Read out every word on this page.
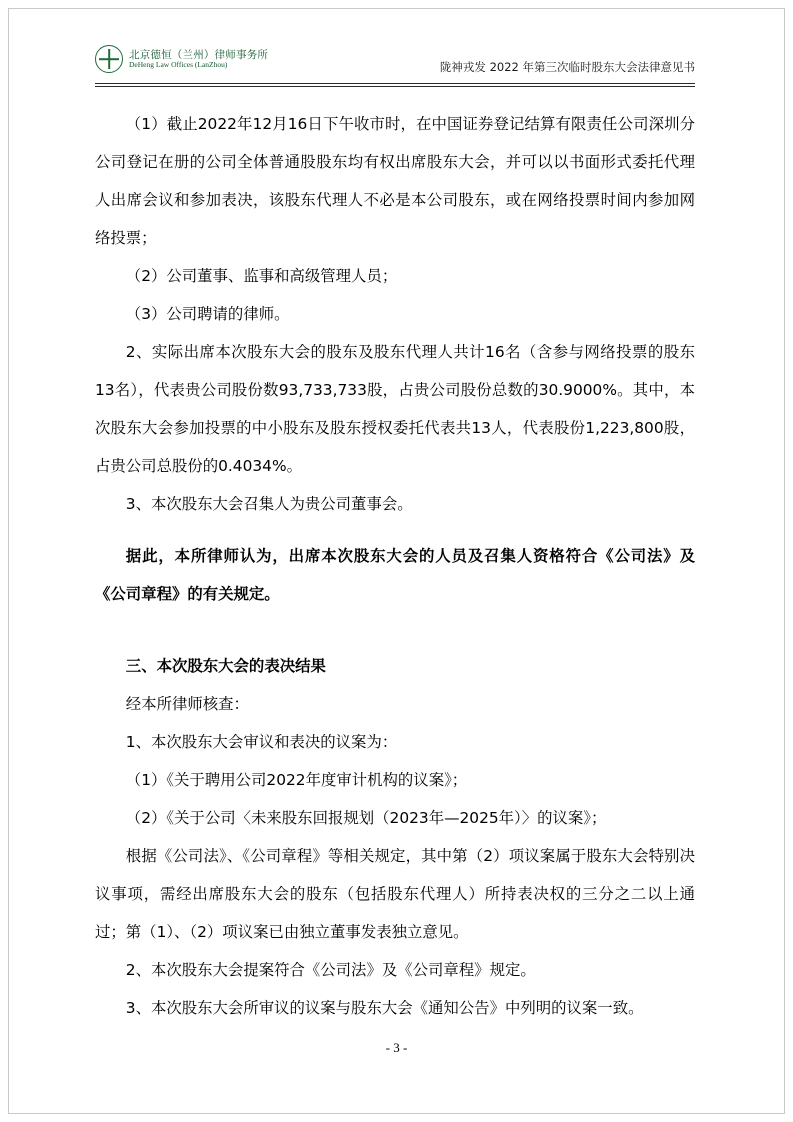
北京德恒（兰州）律师事务所
DeHeng Law Offices (LanZhou)	陇神戎发 2022 年第三次临时股东大会法律意见书

（1）截止2022年12月16日下午收市时，在中国证券登记结算有限责任公司深圳分公司登记在册的公司全体普通股股东均有权出席股东大会，并可以以书面形式委托代理人出席会议和参加表决，该股东代理人不必是本公司股东，或在网络投票时间内参加网络投票；

（2）公司董事、监事和高级管理人员；

（3）公司聘请的律师。

2、实际出席本次股东大会的股东及股东代理人共计16名（含参与网络投票的股东13名），代表贵公司股份数93,733,733股，占贵公司股份总数的30.9000%。其中，本次股东大会参加投票的中小股东及股东授权委托代表共13人，代表股份1,223,800股，占贵公司总股份的0.4034%。

3、本次股东大会召集人为贵公司董事会。

据此，本所律师认为，出席本次股东大会的人员及召集人资格符合《公司法》及《公司章程》的有关规定。

三、本次股东大会的表决结果

经本所律师核查：

1、本次股东大会审议和表决的议案为：

（1）《关于聘用公司2022年度审计机构的议案》；

（2）《关于公司〈未来股东回报规划（2023年—2025年）〉的议案》；

根据《公司法》、《公司章程》等相关规定，其中第（2）项议案属于股东大会特别决议事项，需经出席股东大会的股东（包括股东代理人）所持表决权的三分之二以上通过；第（1）、（2）项议案已由独立董事发表独立意见。

2、本次股东大会提案符合《公司法》及《公司章程》规定。

3、本次股东大会所审议的议案与股东大会《通知公告》中列明的议案一致。

- 3 -
